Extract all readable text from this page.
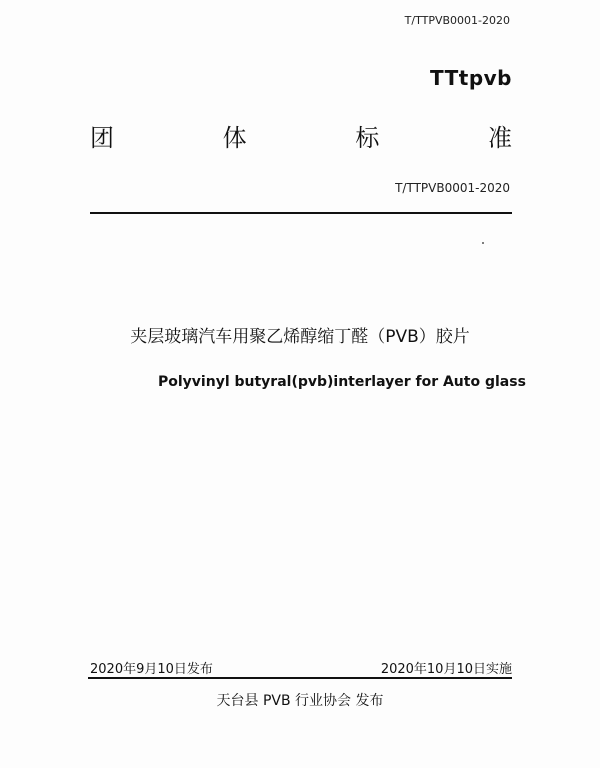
T/TTPVB0001-2020
TTtpvb
团	体	标	准
T/TTPVB0001-2020
夹层玻璃汽车用聚乙烯醇缩丁醛（PVB）胶片
Polyvinyl butyral(pvb)interlayer for Auto glass
2020年9月10日发布	2020年10月10日实施
天台县 PVB 行业协会 发布
